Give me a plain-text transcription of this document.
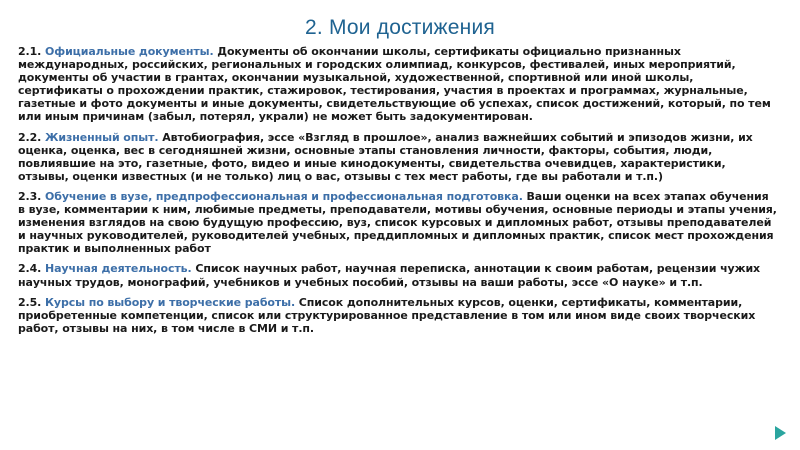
2. Мои достижения

2.1. Официальные документы. Документы об окончании школы, сертификаты официально признанных международных, российских, региональных и городских олимпиад, конкурсов, фестивалей, иных мероприятий, документы об участии в грантах, окончании музыкальной, художественной, спортивной или иной школы, сертификаты о прохождении практик, стажировок, тестирования, участия в проектах и программах, журнальные, газетные и фото документы и иные документы, свидетельствующие об успехах, список достижений, который, по тем или иным причинам (забыл, потерял, украли) не может быть задокументирован.

2.2. Жизненный опыт. Автобиография, эссе «Взгляд в прошлое», анализ важнейших событий и эпизодов жизни, их оценка, оценка, вес в сегодняшней жизни, основные этапы становления личности, факторы, события, люди, повлиявшие на это, газетные, фото, видео и иные кинодокументы, свидетельства очевидцев, характеристики, отзывы, оценки известных (и не только) лиц о вас, отзывы с тех мест работы, где вы работали и т.п.)

2.3. Обучение в вузе, предпрофессиональная и профессиональная подготовка. Ваши оценки на всех этапах обучения в вузе, комментарии к ним, любимые предметы, преподаватели, мотивы обучения, основные периоды и этапы учения, изменения взглядов на свою будущую профессию, вуз, список курсовых и дипломных работ, отзывы преподавателей и научных руководителей, руководителей учебных, преддипломных и дипломных практик, список мест прохождения практик и выполненных работ

2.4. Научная деятельность. Список научных работ, научная переписка, аннотации к своим работам, рецензии чужих научных трудов, монографий, учебников и учебных пособий, отзывы на ваши работы, эссе «О науке» и т.п.

2.5. Курсы по выбору и творческие работы. Список дополнительных курсов, оценки, сертификаты, комментарии, приобретенные компетенции, список или структурированное представление в том или ином виде своих творческих работ, отзывы на них, в том числе в СМИ и т.п.
